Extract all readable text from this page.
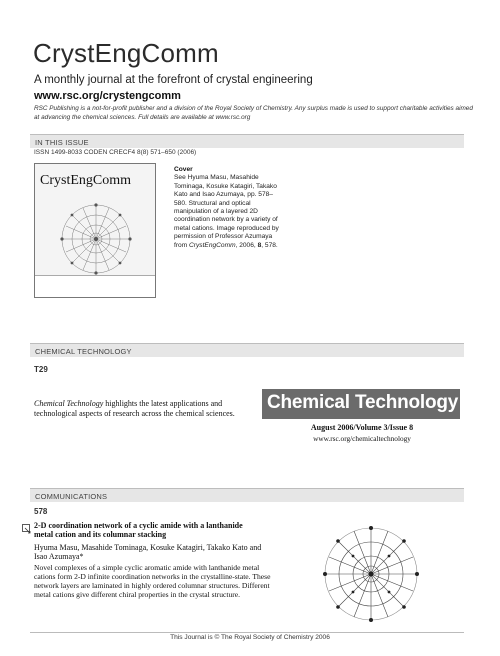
CrystEngComm
A monthly journal at the forefront of crystal engineering
www.rsc.org/crystengcomm
RSC Publishing is a not-for-profit publisher and a division of the Royal Society of Chemistry. Any surplus made is used to support charitable activities aimed at advancing the chemical sciences. Full details are available at www.rsc.org
IN THIS ISSUE
ISSN 1499-8033 CODEN CRECF4 8(8) 571–650 (2006)
CrystEngComm
Cover
See Hyuma Masu, Masahide Tominaga, Kosuke Katagiri, Takako Kato and Isao Azumaya, pp. 578–580. Structural and optical manipulation of a layered 2D coordination network by a variety of metal cations. Image reproduced by permission of Professor Azumaya from CrystEngComm, 2006, 8, 578.
CHEMICAL TECHNOLOGY
T29
Chemical Technology highlights the latest applications and technological aspects of research across the chemical sciences.	Chemical Technology
August 2006/Volume 3/Issue 8
www.rsc.org/chemicaltechnology
COMMUNICATIONS
578
2-D coordination network of a cyclic amide with a lanthanide metal cation and its columnar stacking
Hyuma Masu, Masahide Tominaga, Kosuke Katagiri, Takako Kato and Isao Azumaya*
Novel complexes of a simple cyclic aromatic amide with lanthanide metal cations form 2-D infinite coordination networks in the crystalline-state. These network layers are laminated in highly ordered columnar structures. Different metal cations give different chiral properties in the crystal structure.
This Journal is © The Royal Society of Chemistry 2006
